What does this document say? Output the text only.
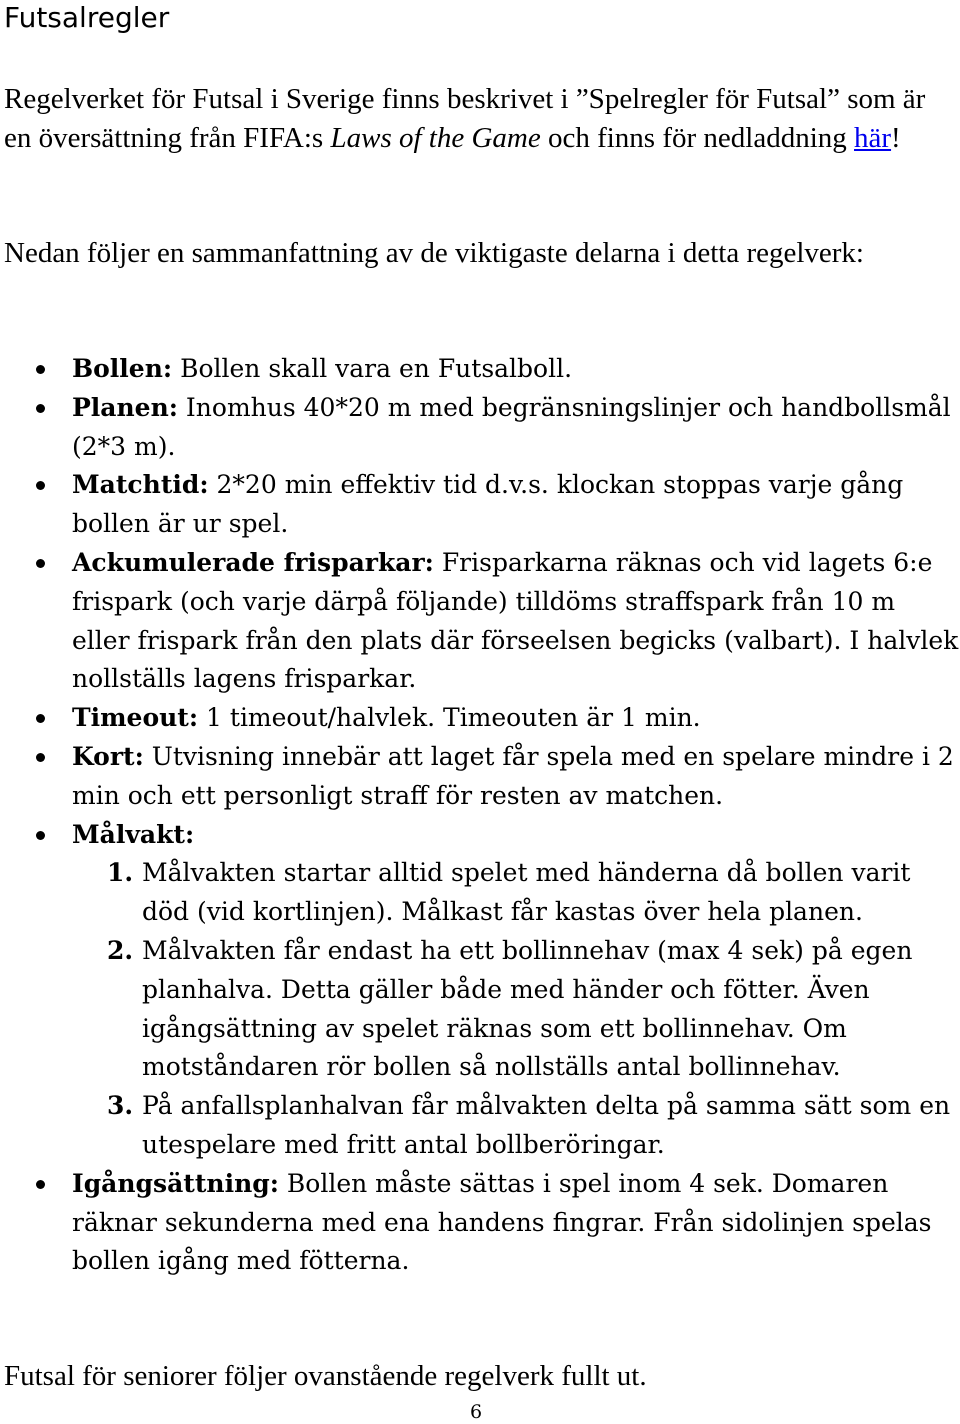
Futsalregler

Regelverket för Futsal i Sverige finns beskrivet i ”Spelregler för Futsal” som är en översättning från FIFA:s Laws of the Game och finns för nedladdning här!

Nedan följer en sammanfattning av de viktigaste delarna i detta regelverk:

Bollen: Bollen skall vara en Futsalboll.
Planen: Inomhus 40*20 m med begränsningslinjer och handbollsmål (2*3 m).
Matchtid: 2*20 min effektiv tid d.v.s. klockan stoppas varje gång bollen är ur spel.
Ackumulerade frisparkar: Frisparkarna räknas och vid lagets 6:e frispark (och varje därpå följande) tilldöms straffspark från 10 m eller frispark från den plats där förseelsen begicks (valbart). I halvlek nollställs lagens frisparkar.
Timeout: 1 timeout/halvlek. Timeouten är 1 min.
Kort: Utvisning innebär att laget får spela med en spelare mindre i 2 min och ett personligt straff för resten av matchen.
Målvakt:
1. Målvakten startar alltid spelet med händerna då bollen varit död (vid kortlinjen). Målkast får kastas över hela planen.
2. Målvakten får endast ha ett bollinnehav (max 4 sek) på egen planhalva. Detta gäller både med händer och fötter. Även igångsättning av spelet räknas som ett bollinnehav. Om motståndaren rör bollen så nollställs antal bollinnehav.
3. På anfallsplanhalvan får målvakten delta på samma sätt som en utespelare med fritt antal bollberöringar.
Igångsättning: Bollen måste sättas i spel inom 4 sek. Domaren räknar sekunderna med ena handens fingrar. Från sidolinjen spelas bollen igång med fötterna.

Futsal för seniorer följer ovanstående regelverk fullt ut.

6
